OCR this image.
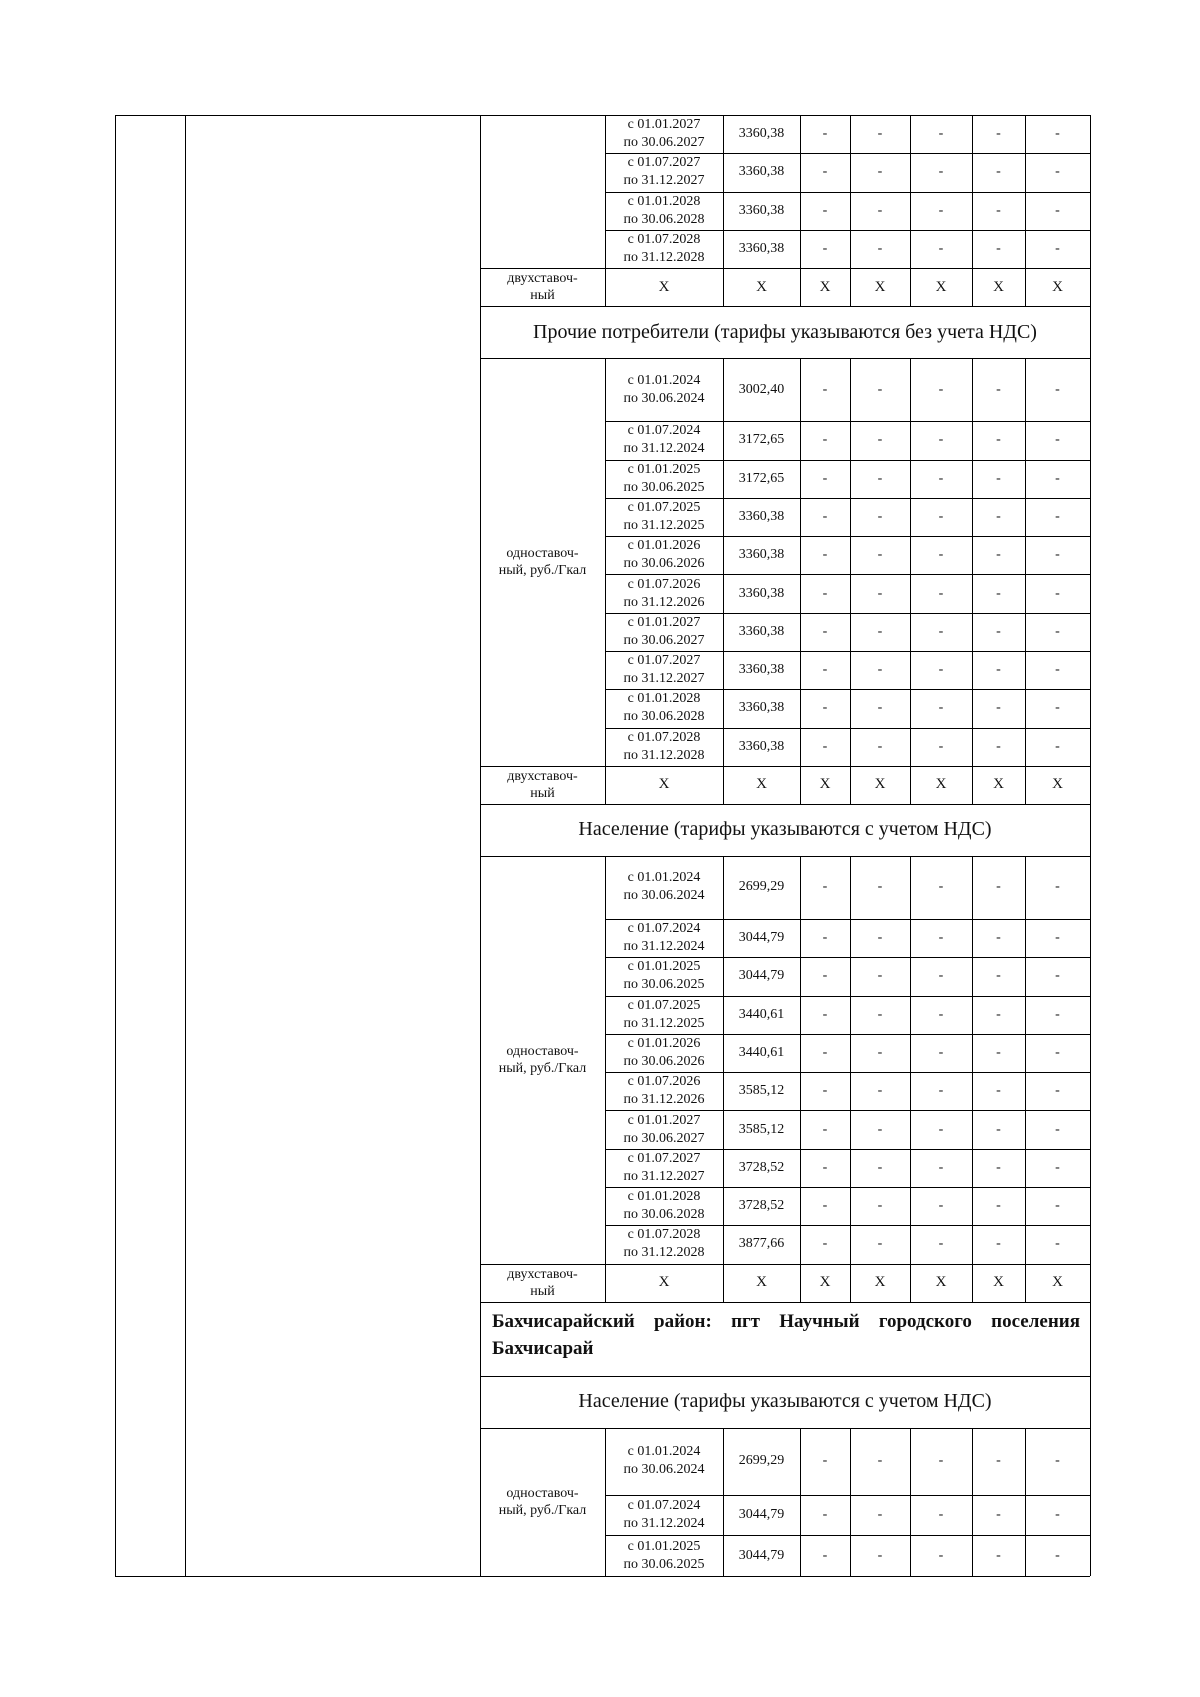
с 01.01.2027
по 30.06.2027
3360,38	-	-	-	-	-
с 01.07.2027
по 31.12.2027
3360,38	-	-	-	-	-
с 01.01.2028
по 30.06.2028
3360,38	-	-	-	-	-
с 01.07.2028
по 31.12.2028
3360,38	-	-	-	-	-
двухставоч-
ный
X	X	X	X	X	X	X
Прочие потребители (тарифы указываются без учета НДС)
с 01.01.2024
по 30.06.2024
3002,40	-	-	-	-	-
с 01.07.2024
по 31.12.2024
3172,65	-	-	-	-	-
с 01.01.2025
по 30.06.2025
3172,65	-	-	-	-	-
с 01.07.2025
по 31.12.2025
3360,38	-	-	-	-	-
с 01.01.2026
по 30.06.2026
3360,38	-	-	-	-	-
с 01.07.2026
по 31.12.2026
3360,38	-	-	-	-	-
с 01.01.2027
по 30.06.2027
3360,38	-	-	-	-	-
с 01.07.2027
по 31.12.2027
3360,38	-	-	-	-	-
с 01.01.2028
по 30.06.2028
3360,38	-	-	-	-	-
с 01.07.2028
по 31.12.2028
3360,38	-	-	-	-	-
одноставоч-
ный, руб./Гкал
двухставоч-
ный
X	X	X	X	X	X	X
Население (тарифы указываются с учетом НДС)
с 01.01.2024
по 30.06.2024
2699,29	-	-	-	-	-
с 01.07.2024
по 31.12.2024
3044,79	-	-	-	-	-
с 01.01.2025
по 30.06.2025
3044,79	-	-	-	-	-
с 01.07.2025
по 31.12.2025
3440,61	-	-	-	-	-
с 01.01.2026
по 30.06.2026
3440,61	-	-	-	-	-
с 01.07.2026
по 31.12.2026
3585,12	-	-	-	-	-
с 01.01.2027
по 30.06.2027
3585,12	-	-	-	-	-
с 01.07.2027
по 31.12.2027
3728,52	-	-	-	-	-
с 01.01.2028
по 30.06.2028
3728,52	-	-	-	-	-
с 01.07.2028
по 31.12.2028
3877,66	-	-	-	-	-
одноставоч-
ный, руб./Гкал
двухставоч-
ный
X	X	X	X	X	X	X
Бахчисарайский район: пгт Научный городского поселения Бахчисарай
Население (тарифы указываются с учетом НДС)
с 01.01.2024
по 30.06.2024
2699,29	-	-	-	-	-
с 01.07.2024
по 31.12.2024
3044,79	-	-	-	-	-
с 01.01.2025
по 30.06.2025
3044,79	-	-	-	-	-
одноставоч-
ный, руб./Гкал
